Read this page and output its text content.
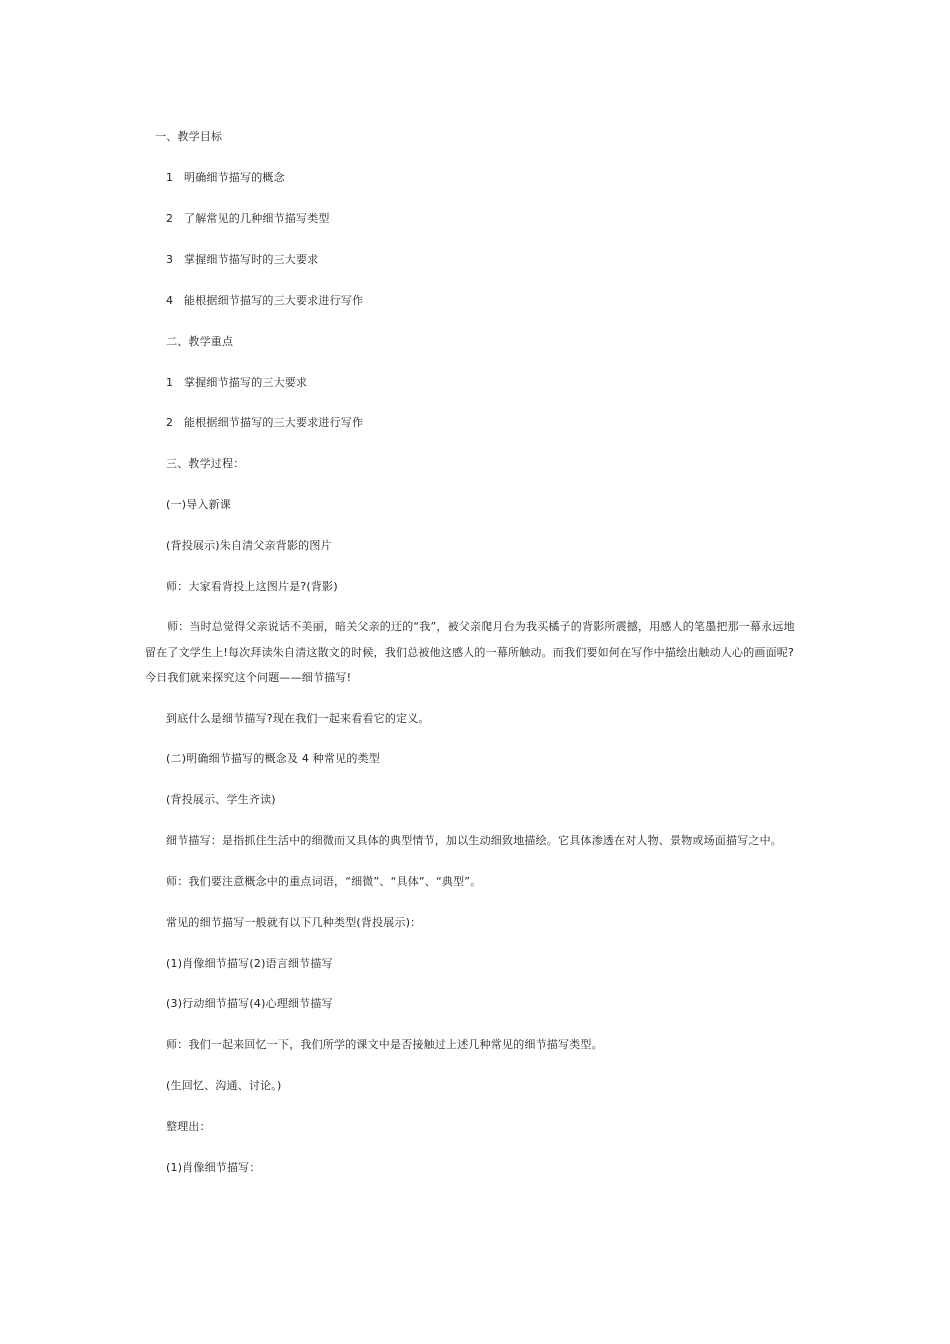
一、教学目标
1 明确细节描写的概念
2 了解常见的几种细节描写类型
3 掌握细节描写时的三大要求
4 能根据细节描写的三大要求进行写作
二、教学重点
1 掌握细节描写的三大要求
2 能根据细节描写的三大要求进行写作
三、教学过程：
(一)导入新课
(背投展示)朱自清父亲背影的图片
师：大家看背投上这图片是?(背影)
师：当时总觉得父亲说话不美丽，暗关父亲的迂的“我”，被父亲爬月台为我买橘子的背影所震撼，用感人的笔墨把那一幕永远地留在了文学生上!每次拜读朱自清这散文的时候，我们总被他这感人的一幕所触动。而我们要如何在写作中描绘出触动人心的画面呢?今日我们就来探究这个问题——细节描写!
到底什么是细节描写?现在我们一起来看看它的定义。
(二)明确细节描写的概念及 4 种常见的类型
(背投展示、学生齐读)
细节描写：是指抓住生活中的细微而又具体的典型情节，加以生动细致地描绘。它具体渗透在对人物、景物或场面描写之中。
师：我们要注意概念中的重点词语，“细微”、“具体”、“典型”。
常见的细节描写一般就有以下几种类型(背投展示)：
(1)肖像细节描写(2)语言细节描写
(3)行动细节描写(4)心理细节描写
师：我们一起来回忆一下，我们所学的课文中是否接触过上述几种常见的细节描写类型。
(生回忆、沟通、讨论。)
整理出：
(1)肖像细节描写：
